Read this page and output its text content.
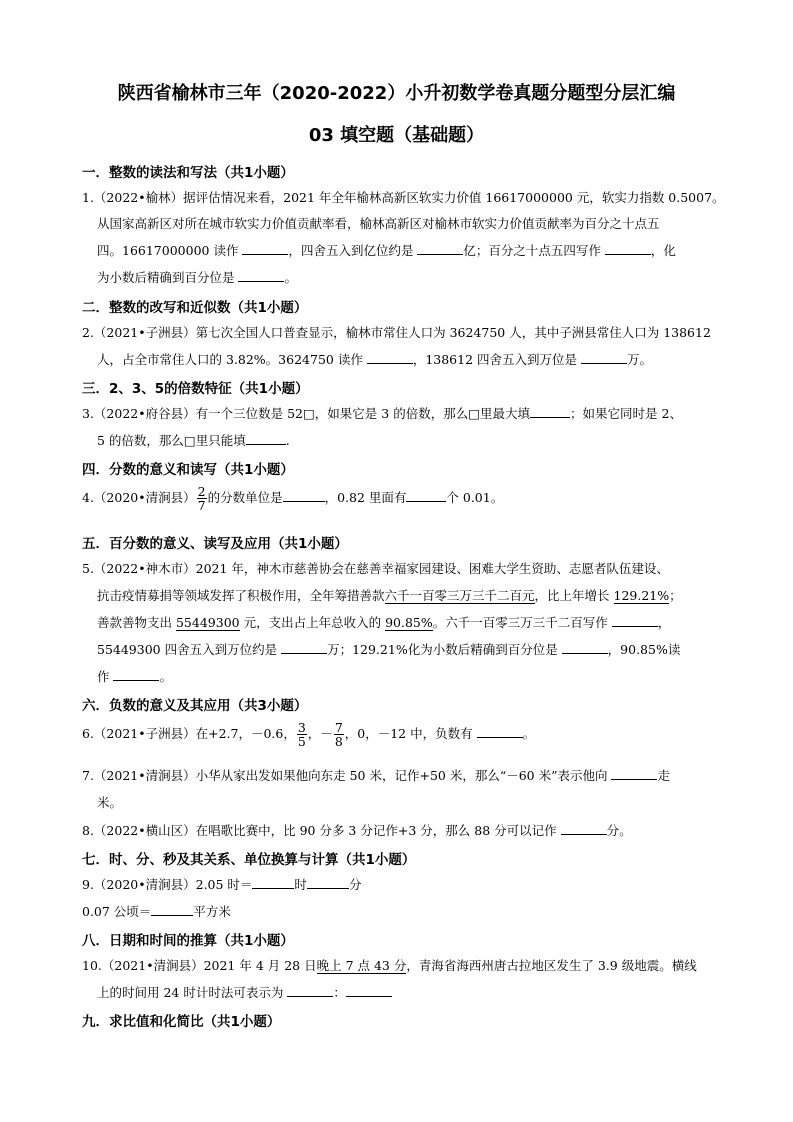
陕西省榆林市三年（2020-2022）小升初数学卷真题分题型分层汇编
03 填空题（基础题）
一．整数的读法和写法（共1小题）
1.（2022•榆林）据评估情况来看，2021 年全年榆林高新区软实力价值 16617000000 元，软实力指数 0.5007。
从国家高新区对所在城市软实力价值贡献率看，榆林高新区对榆林市软实力价值贡献率为百分之十点五
四。16617000000 读作	，四舍五入到亿位约是	亿；百分之十点五四写作	，化
为小数后精确到百分位是	。
二．整数的改写和近似数（共1小题）
2.（2021•子洲县）第七次全国人口普查显示，榆林市常住人口为 3624750 人，其中子洲县常住人口为 138612
人，占全市常住人口的 3.82%。3624750 读作	，138612 四舍五入到万位是	万。
三．2、3、5的倍数特征（共1小题）
3.（2022•府谷县）有一个三位数是 52□，如果它是 3 的倍数，那么□里最大填	；如果它同时是 2、
5 的倍数，那么□里只能填	.
四．分数的意义和读写（共1小题）
4.（2020•清涧县） $\frac{2}{7}$ 的分数单位是	，0.82 里面有	个 0.01。
五．百分数的意义、读写及应用（共1小题）
5.（2022•神木市）2021 年，神木市慈善协会在慈善幸福家园建设、困难大学生资助、志愿者队伍建设、
抗击疫情募捐等领域发挥了积极作用，全年筹措善款六千一百零三万三千二百元，比上年增长 129.21%；
善款善物支出 55449300 元，支出占上年总收入的 90.85%。六千一百零三万三千二百写作	，
55449300 四舍五入到万位约是	万；129.21%化为小数后精确到百分位是	，90.85%读
作	。
六．负数的意义及其应用（共3小题）
6.（2021•子洲县）在+2.7，－0.6， $\frac{3}{5}$ ，－ $\frac{7}{8}$ ，0，－12 中，负数有	。
7.（2021•清涧县）小华从家出发如果他向东走 50 米，记作+50 米，那么“－60 米”表示他向	走
米。
8.（2022•横山区）在唱歌比赛中，比 90 分多 3 分记作+3 分，那么 88 分可以记作	分。
七．时、分、秒及其关系、单位换算与计算（共1小题）
9.（2020•清涧县）2.05 时＝	时	分
0.07 公顷＝	平方米
八．日期和时间的推算（共1小题）
10.（2021•清涧县）2021 年 4 月 28 日晚上 7 点 43 分，青海省海西州唐古拉地区发生了 3.9 级地震。横线
上的时间用 24 时计时法可表示为	：
九．求比值和化简比（共1小题）
